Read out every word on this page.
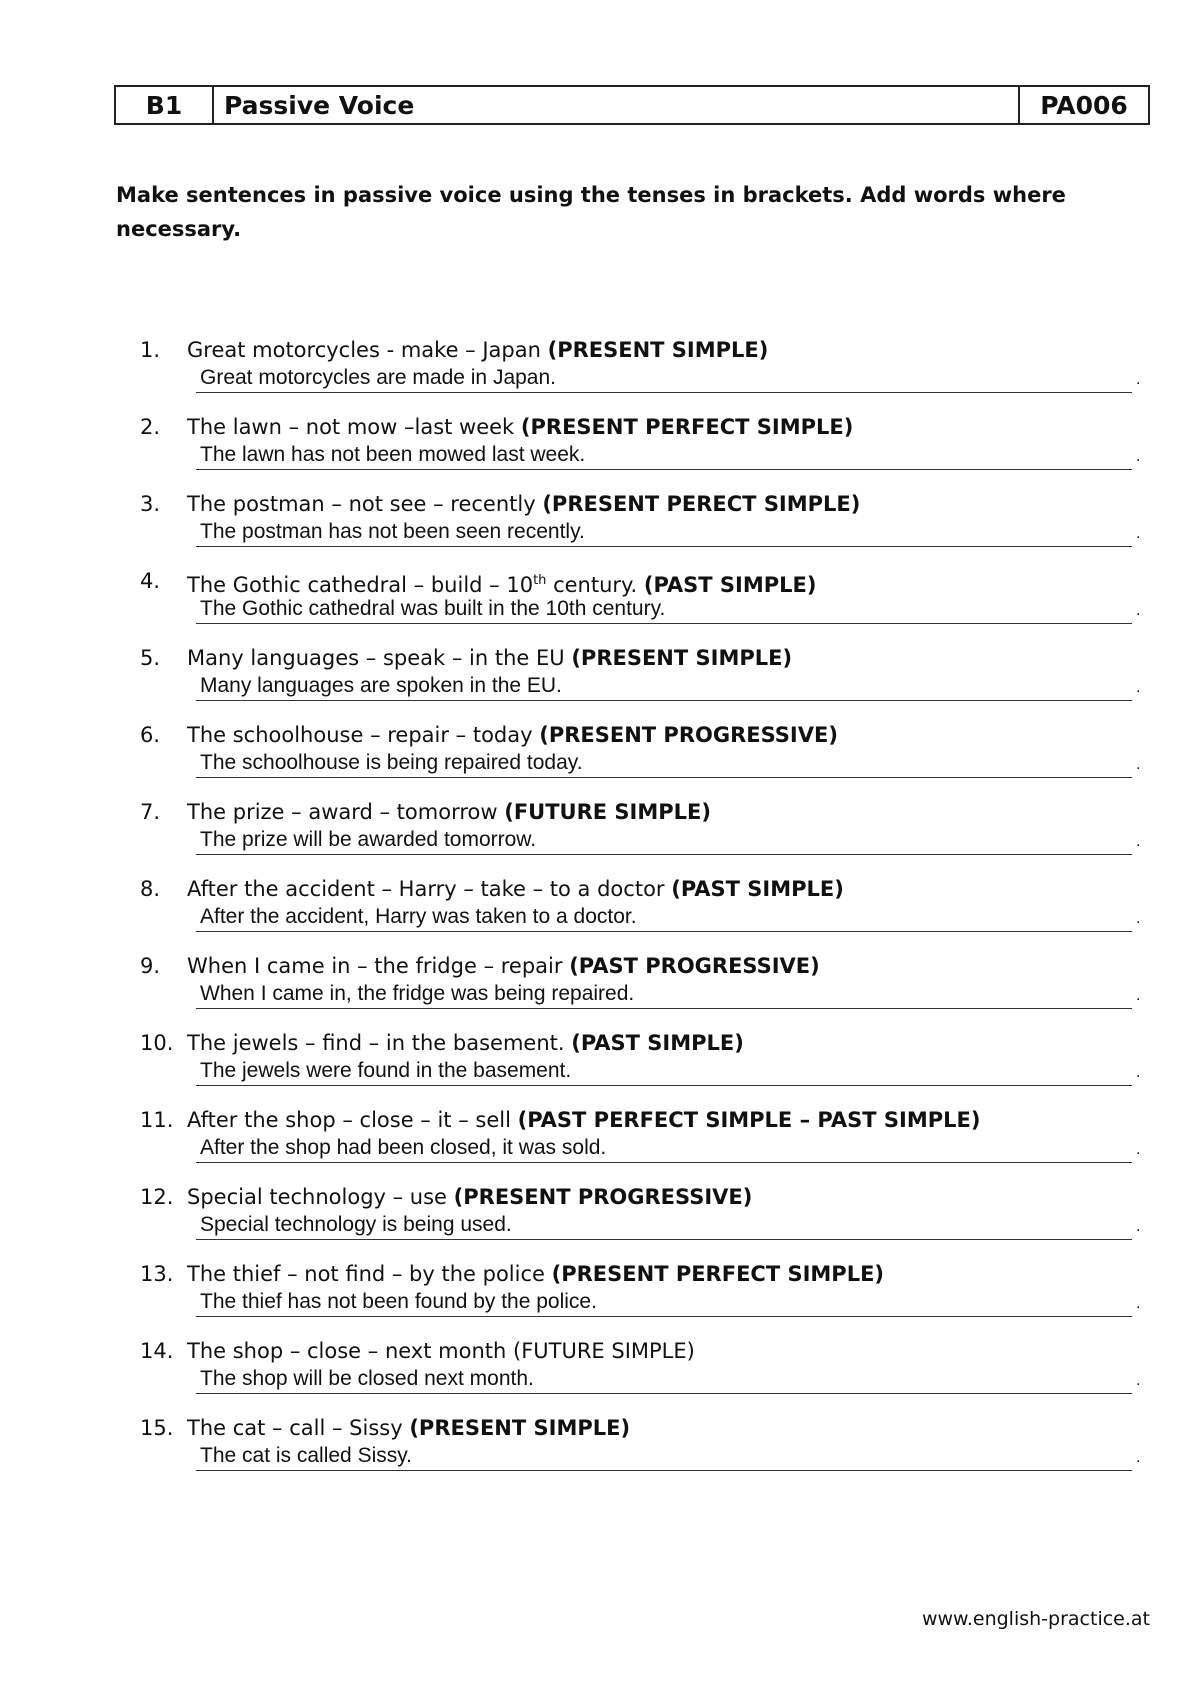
B1	Passive Voice	PA006
Make sentences in passive voice using the tenses in brackets. Add words where necessary.
1.	Great motorcycles - make – Japan (PRESENT SIMPLE)
Great motorcycles are made in Japan.	.
2.	The lawn – not mow –last week (PRESENT PERFECT SIMPLE)
The lawn has not been mowed last week.	.
3.	The postman – not see – recently (PRESENT PERECT SIMPLE)
The postman has not been seen recently.	.
4.	The Gothic cathedral – build – 10th century. (PAST SIMPLE)
The Gothic cathedral was built in the 10th century.	.
5.	Many languages – speak – in the EU (PRESENT SIMPLE)
Many languages are spoken in the EU.	.
6.	The schoolhouse – repair – today (PRESENT PROGRESSIVE)
The schoolhouse is being repaired today.	.
7.	The prize – award – tomorrow (FUTURE SIMPLE)
The prize will be awarded tomorrow.	.
8.	After the accident – Harry – take – to a doctor (PAST SIMPLE)
After the accident, Harry was taken to a doctor.	.
9.	When I came in – the fridge – repair (PAST PROGRESSIVE)
When I came in, the fridge was being repaired.	.
10. The jewels – find – in the basement. (PAST SIMPLE)
The jewels were found in the basement.	.
11. After the shop – close – it – sell (PAST PERFECT SIMPLE – PAST SIMPLE)
After the shop had been closed, it was sold.	.
12. Special technology – use (PRESENT PROGRESSIVE)
Special technology is being used.	.
13. The thief – not find – by the police (PRESENT PERFECT SIMPLE)
The thief has not been found by the police.	.
14. The shop – close – next month (FUTURE SIMPLE)
The shop will be closed next month.	.
15. The cat – call – Sissy (PRESENT SIMPLE)
The cat is called Sissy.	.
www.english-practice.at
